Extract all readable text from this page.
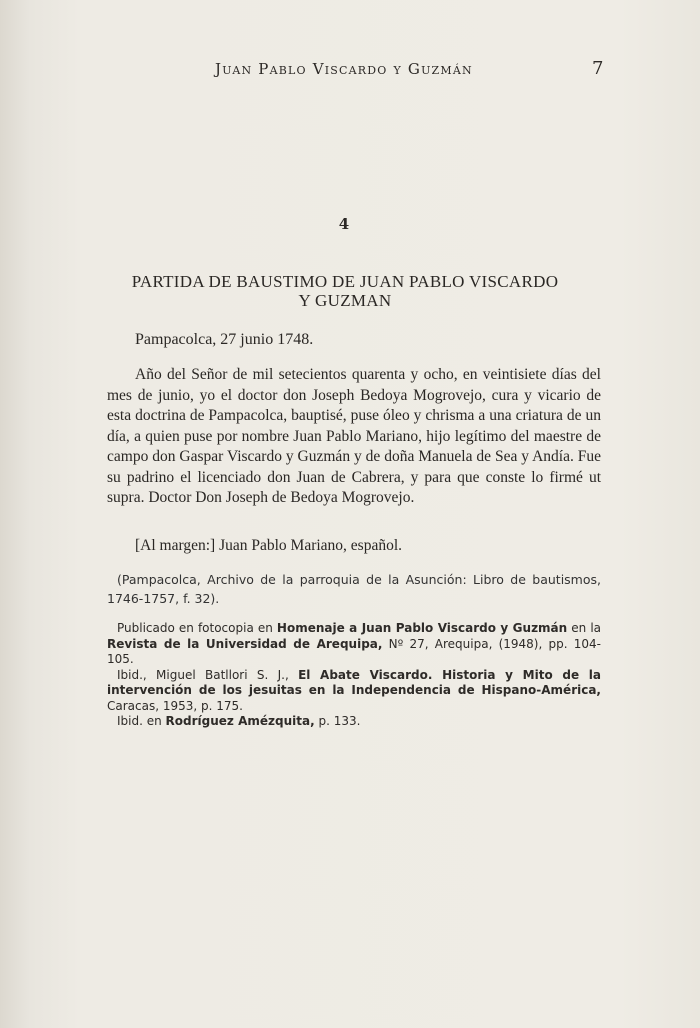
Juan Pablo Viscardo y Guzmán	7
4
PARTIDA DE BAUSTIMO DE JUAN PABLO VISCARDO
Y GUZMAN
Pampacolca, 27 junio 1748.

Año del Señor de mil setecientos quarenta y ocho, en veintisiete días del mes de junio, yo el doctor don Joseph Bedoya Mogrovejo, cura y vicario de esta doctrina de Pampacolca, bauptisé, puse óleo y chrisma a una criatura de un día, a quien puse por nombre Juan Pablo Mariano, hijo legítimo del maestre de campo don Gaspar Viscardo y Guzmán y de doña Manuela de Sea y Andía. Fue su padrino el licenciado don Juan de Cabrera, y para que conste lo firmé ut supra. Doctor Don Joseph de Bedoya Mogrovejo.

[Al margen:] Juan Pablo Mariano, español.

(Pampacolca, Archivo de la parroquia de la Asunción: Libro de bautismos, 1746-1757, f. 32).

Publicado en fotocopia en Homenaje a Juan Pablo Viscardo y Guzmán en la Revista de la Universidad de Arequipa, Nº 27, Arequipa, (1948), pp. 104-105.

Ibid., Miguel Batllori S. J., El Abate Viscardo. Historia y Mito de la intervención de los jesuitas en la Independencia de Hispano-América, Caracas, 1953, p. 175.

Ibid. en Rodríguez Amézquita, p. 133.
